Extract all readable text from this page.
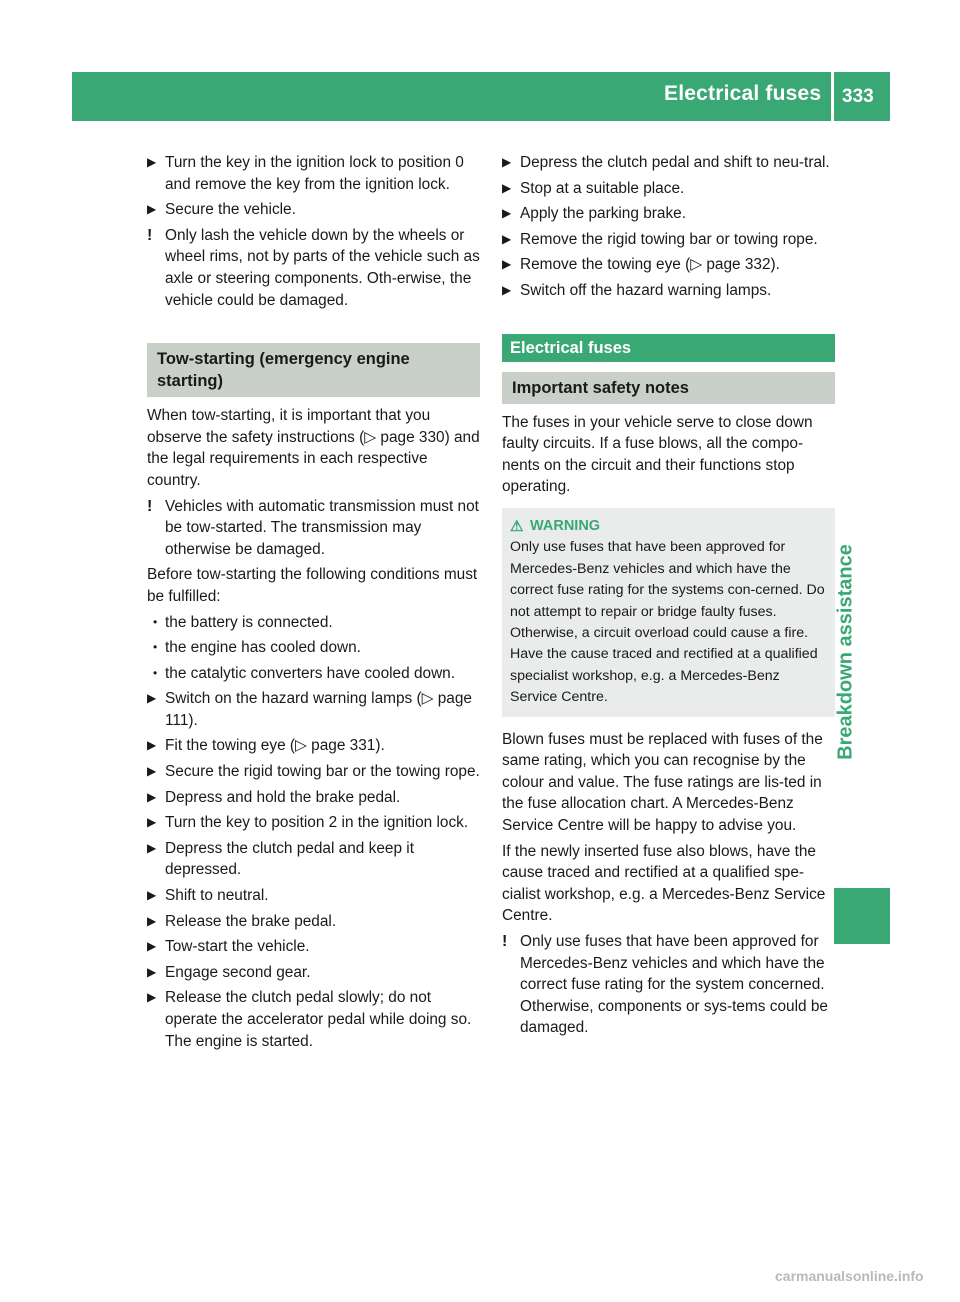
Electrical fuses 333
Breakdown assistance
▶ Turn the key in the ignition lock to position 0 and remove the key from the ignition lock.
▶ Secure the vehicle.
! Only lash the vehicle down by the wheels or wheel rims, not by parts of the vehicle such as axle or steering components. Oth-erwise, the vehicle could be damaged.
Tow-starting (emergency engine starting)
When tow-starting, it is important that you observe the safety instructions (▷ page 330) and the legal requirements in each respective country.
! Vehicles with automatic transmission must not be tow-started. The transmission may otherwise be damaged.
Before tow-starting the following conditions must be fulfilled:
• the battery is connected.
• the engine has cooled down.
• the catalytic converters have cooled down.
▶ Switch on the hazard warning lamps (▷ page 111).
▶ Fit the towing eye (▷ page 331).
▶ Secure the rigid towing bar or the towing rope.
▶ Depress and hold the brake pedal.
▶ Turn the key to position 2 in the ignition lock.
▶ Depress the clutch pedal and keep it depressed.
▶ Shift to neutral.
▶ Release the brake pedal.
▶ Tow-start the vehicle.
▶ Engage second gear.
▶ Release the clutch pedal slowly; do not operate the accelerator pedal while doing so.
The engine is started.
▶ Depress the clutch pedal and shift to neu-tral.
▶ Stop at a suitable place.
▶ Apply the parking brake.
▶ Remove the rigid towing bar or towing rope.
▶ Remove the towing eye (▷ page 332).
▶ Switch off the hazard warning lamps.
Electrical fuses
Important safety notes
The fuses in your vehicle serve to close down faulty circuits. If a fuse blows, all the compo-nents on the circuit and their functions stop operating.
⚠ WARNING
Only use fuses that have been approved for Mercedes-Benz vehicles and which have the correct fuse rating for the systems con-cerned. Do not attempt to repair or bridge faulty fuses. Otherwise, a circuit overload could cause a fire. Have the cause traced and rectified at a qualified specialist workshop, e.g. a Mercedes-Benz Service Centre.
Blown fuses must be replaced with fuses of the same rating, which you can recognise by the colour and value. The fuse ratings are lis-ted in the fuse allocation chart. A Mercedes-Benz Service Centre will be happy to advise you.
If the newly inserted fuse also blows, have the cause traced and rectified at a qualified spe-cialist workshop, e.g. a Mercedes-Benz Service Centre.
! Only use fuses that have been approved for Mercedes-Benz vehicles and which have the correct fuse rating for the system concerned. Otherwise, components or sys-tems could be damaged.
carmanualsonline.info
